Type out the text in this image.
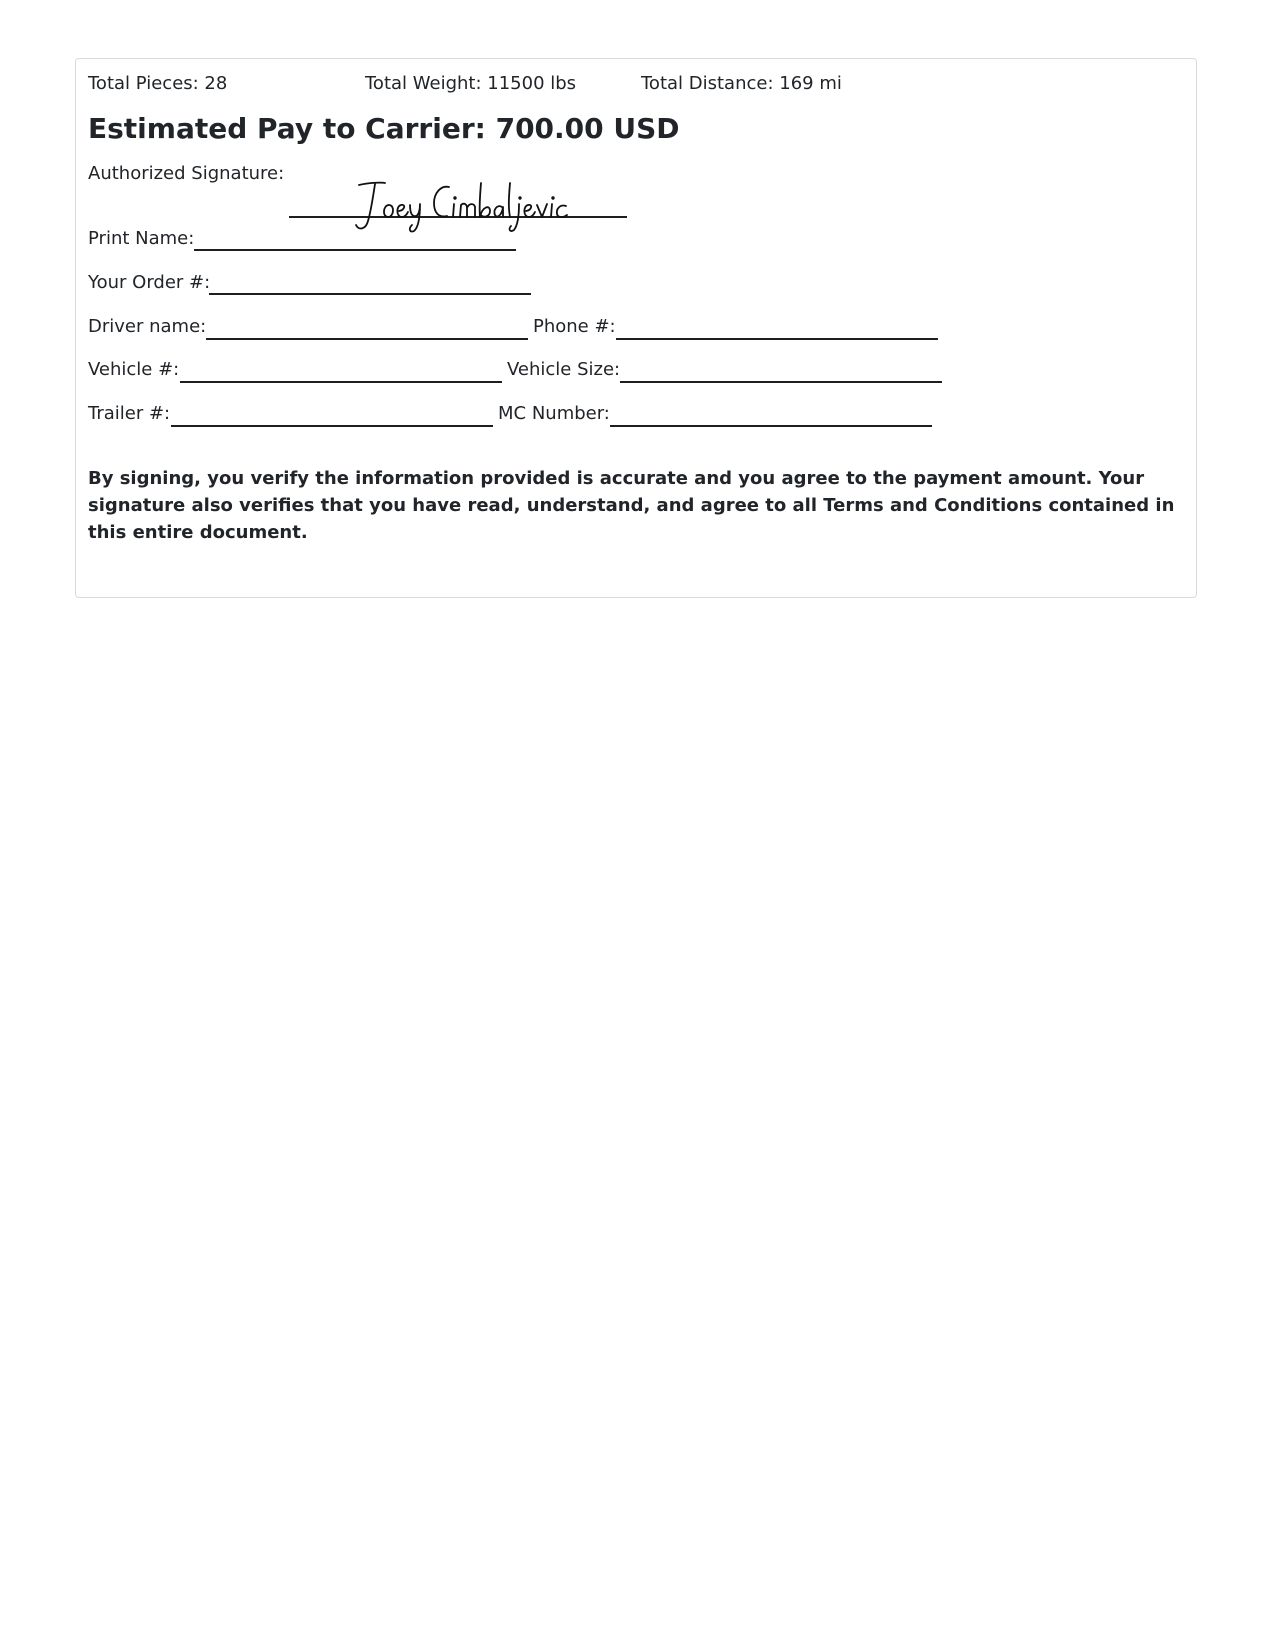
Total Pieces: 28	Total Weight: 11500 lbs	Total Distance: 169 mi
Estimated Pay to Carrier: 700.00 USD
Authorized Signature:
Print Name:
Your Order #:
Driver name:	Phone #:
Vehicle #:	Vehicle Size:
Trailer #:	MC Number:
By signing, you verify the information provided is accurate and you agree to the payment amount. Your signature also verifies that you have read, understand, and agree to all Terms and Conditions contained in this entire document.
